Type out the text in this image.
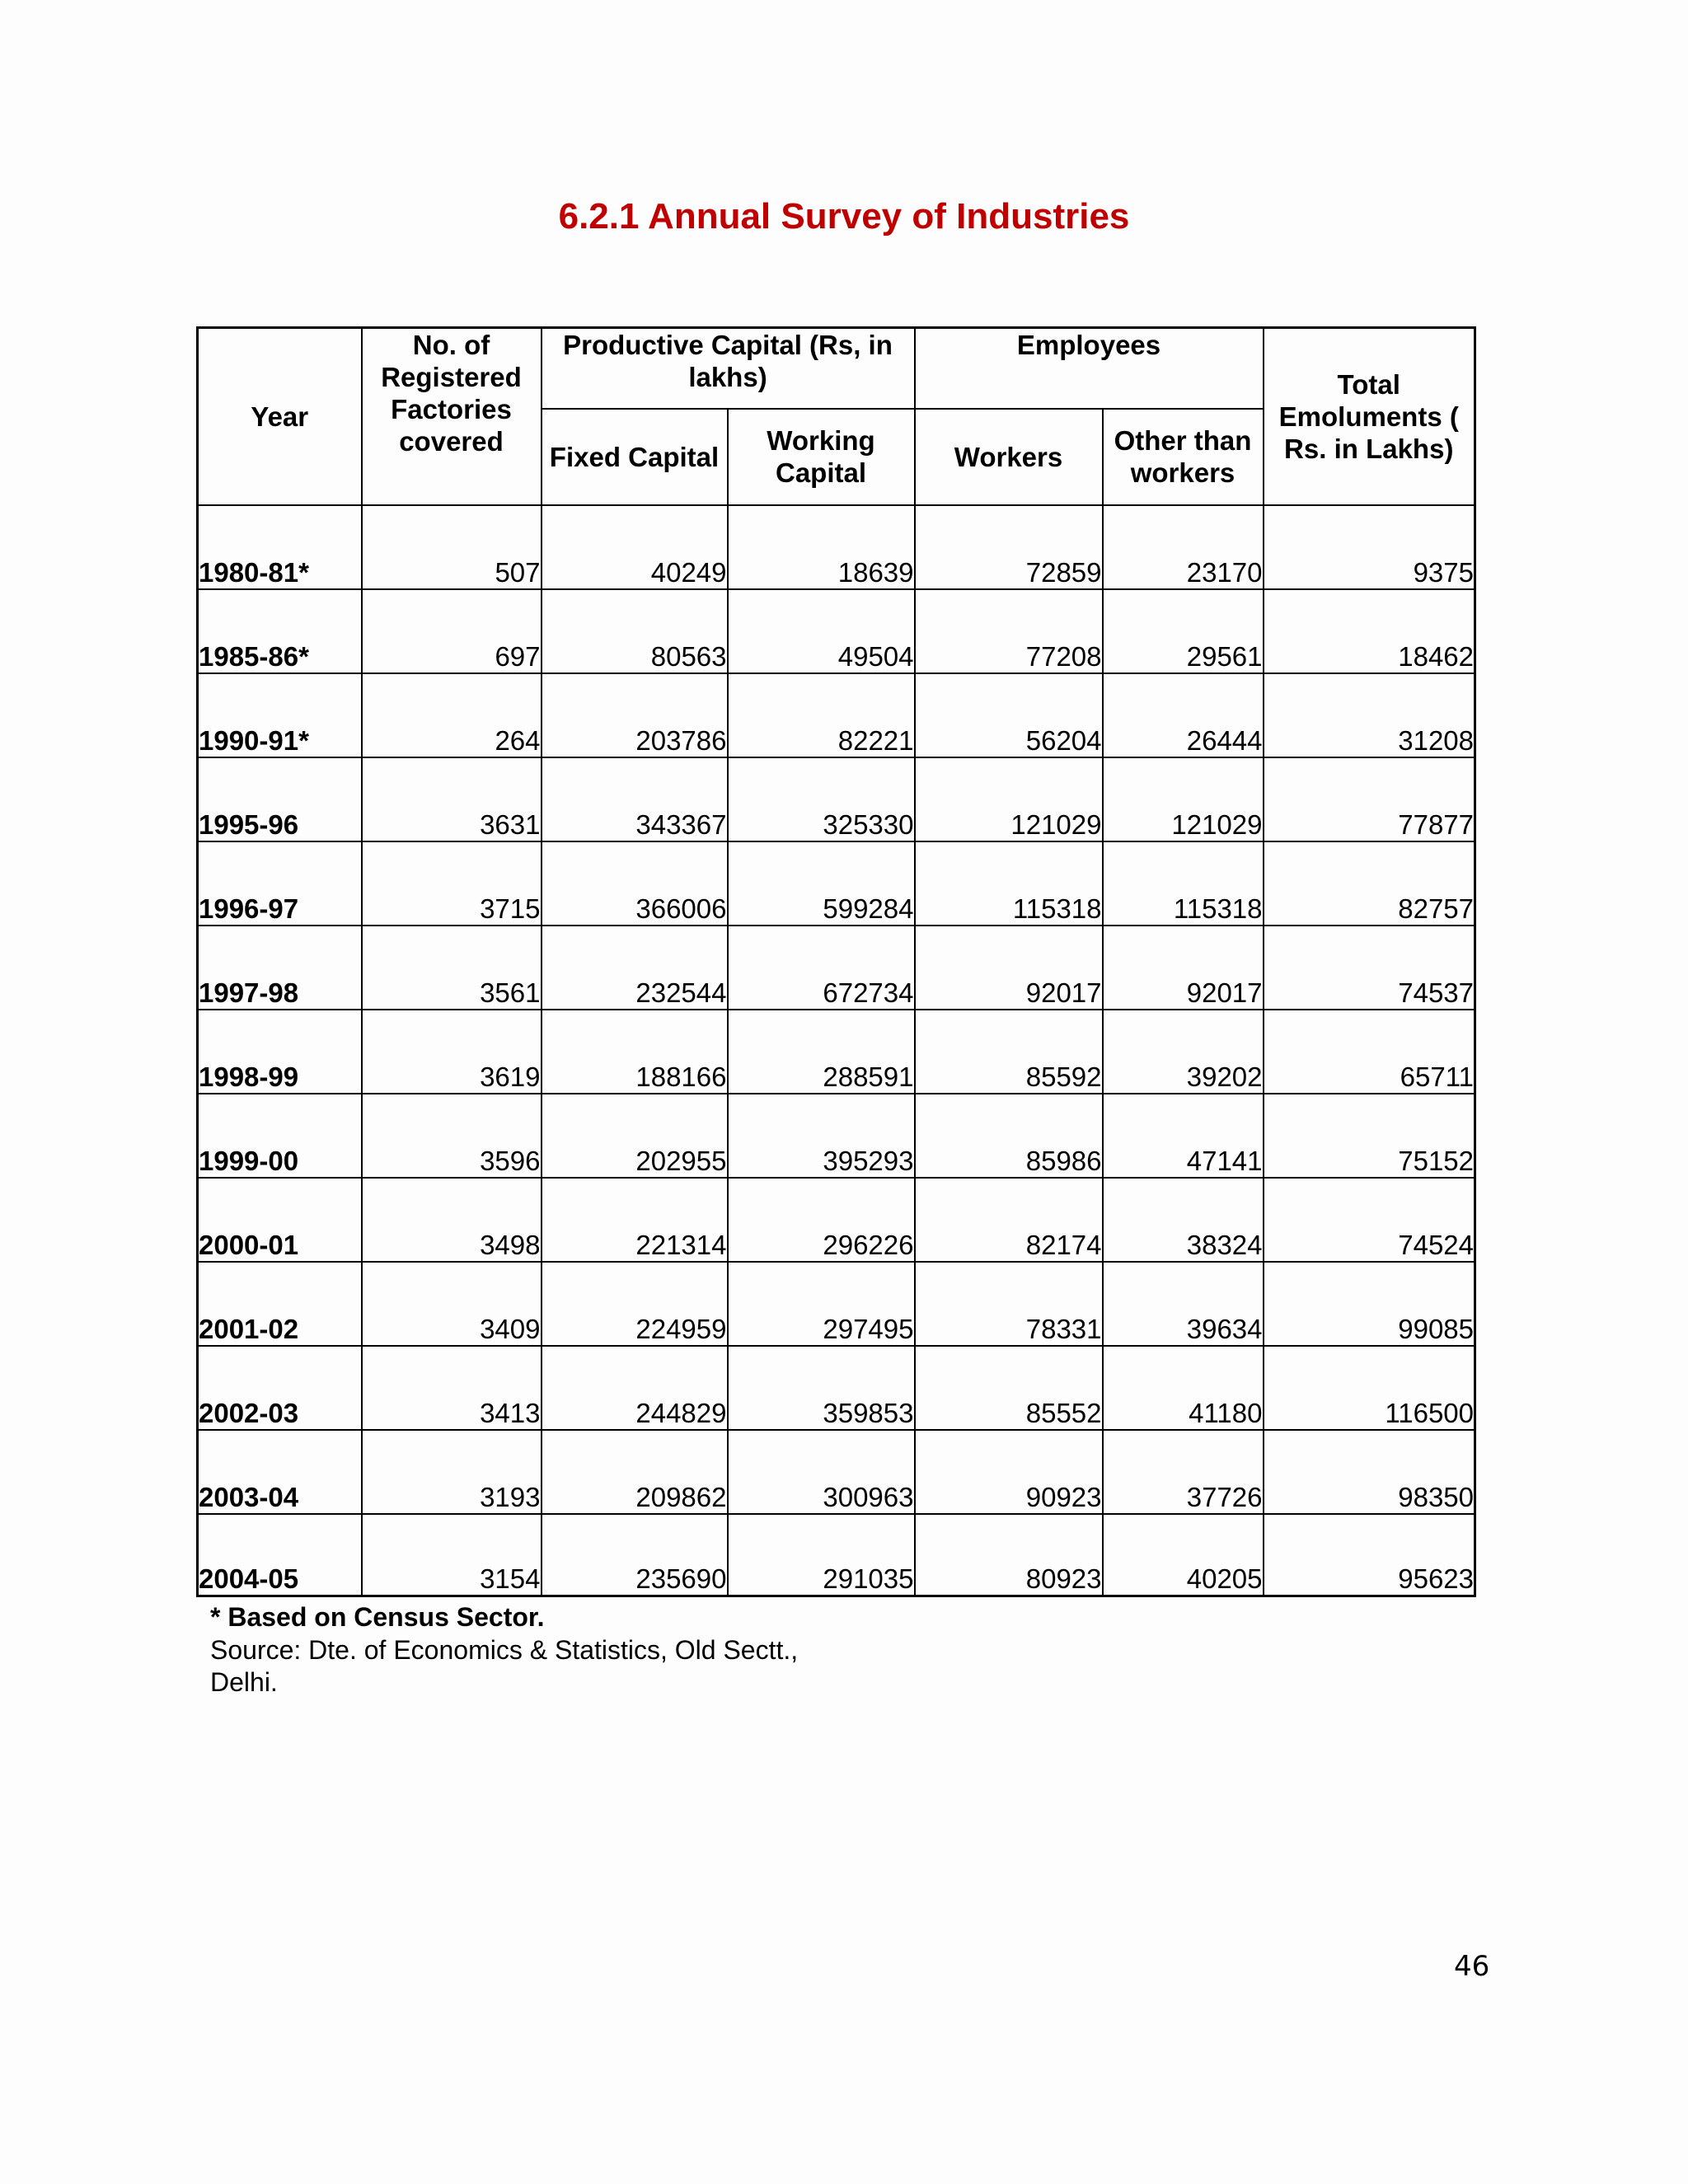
6.2.1 Annual Survey of Industries
Year	No. of Registered Factories covered	Productive Capital (Rs, in lakhs)		Employees		Total Emoluments ( Rs. in Lakhs)
		Fixed Capital	Working Capital	Workers	Other than workers	
1980-81*	507	40249	18639	72859	23170	9375
1985-86*	697	80563	49504	77208	29561	18462
1990-91*	264	203786	82221	56204	26444	31208
1995-96	3631	343367	325330	121029	121029	77877
1996-97	3715	366006	599284	115318	115318	82757
1997-98	3561	232544	672734	92017	92017	74537
1998-99	3619	188166	288591	85592	39202	65711
1999-00	3596	202955	395293	85986	47141	75152
2000-01	3498	221314	296226	82174	38324	74524
2001-02	3409	224959	297495	78331	39634	99085
2002-03	3413	244829	359853	85552	41180	116500
2003-04	3193	209862	300963	90923	37726	98350
2004-05	3154	235690	291035	80923	40205	95623
* Based on Census Sector.
Source: Dte. of Economics & Statistics, Old Sectt., Delhi.
46
